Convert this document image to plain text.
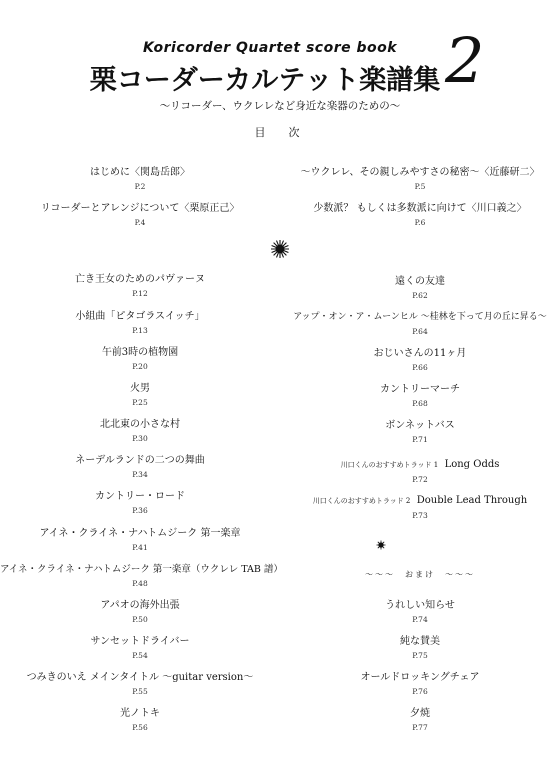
Koricorder Quartet score book
栗コーダーカルテット楽譜集 2
〜リコーダー、ウクレレなど身近な楽器のための〜
目　次
はじめに〈関島岳郎〉
P.2
リコーダーとアレンジについて〈栗原正己〉
P.4
〜ウクレレ、その親しみやすさの秘密〜〈近藤研二〉
P.5
少数派？ もしくは多数派に向けて〈川口義之〉
P.6
亡き王女のためのパヴァーヌ
P.12
小組曲「ピタゴラスイッチ」
P.13
午前3時の植物園
P.20
火男
P.25
北北東の小さな村
P.30
ネーデルランドの二つの舞曲
P.34
カントリー・ロード
P.36
アイネ・クライネ・ナハトムジーク 第一楽章
P.41
アイネ・クライネ・ナハトムジーク 第一楽章（ウクレレ TAB 譜）
P.48
アパオの海外出張
P.50
サンセットドライバー
P.54
つみきのいえ メインタイトル 〜guitar version〜
P.55
光ノトキ
P.56
遠くの友達
P.62
アップ・オン・ア・ムーンヒル 〜桂林を下って月の丘に昇る〜
P.64
おじいさんの11ヶ月
P.66
カントリーマーチ
P.68
ボンネットバス
P.71
川口くんのおすすめトラッド 1 Long Odds
P.72
川口くんのおすすめトラッド 2 Double Lead Through
P.73
〜〜〜　おまけ　〜〜〜
うれしい知らせ
P.74
純な賛美
P.75
オールドロッキングチェア
P.76
夕焼
P.77
